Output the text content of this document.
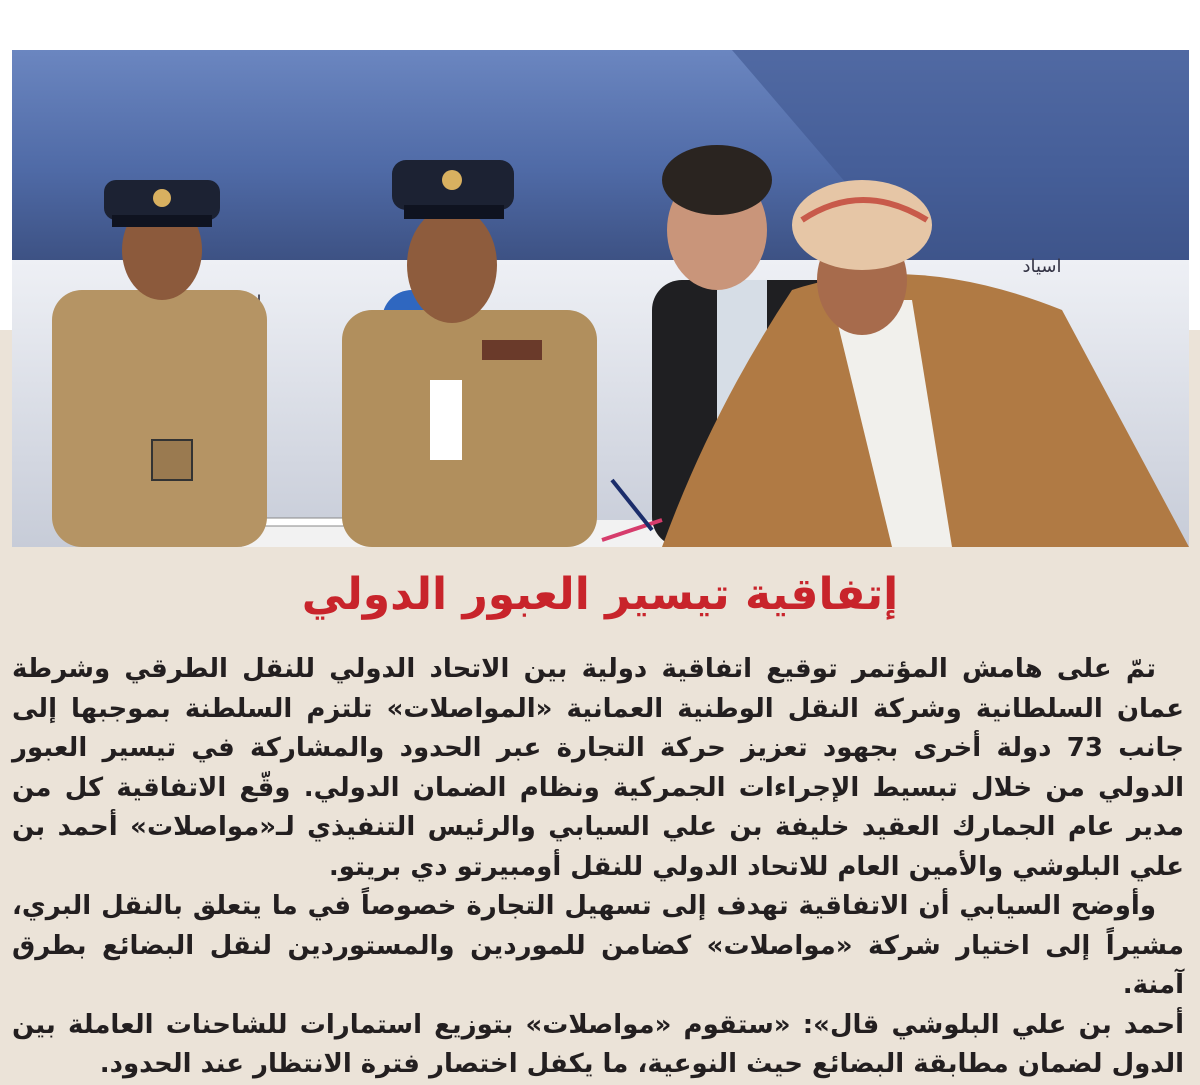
اسياد
إتفاقية تيسير العبور الدولي

تمّ على هامش المؤتمر توقيع اتفاقية دولية بين الاتحاد الدولي للنقل الطرقي وشرطة عمان السلطانية وشركة النقل الوطنية العمانية «المواصلات» تلتزم السلطنة بموجبها إلى جانب 73 دولة أخرى بجهود تعزيز حركة التجارة عبر الحدود والمشاركة في تيسير العبور الدولي من خلال تبسيط الإجراءات الجمركية ونظام الضمان الدولي. وقّع الاتفاقية كل من مدير عام الجمارك العقيد خليفة بن علي السيابي والرئيس التنفيذي لـ«مواصلات» أحمد بن علي البلوشي والأمين العام للاتحاد الدولي للنقل أومبيرتو دي بريتو.

وأوضح السيابي أن الاتفاقية تهدف إلى تسهيل التجارة خصوصاً في ما يتعلق بالنقل البري، مشيراً إلى اختيار شركة «مواصلات» كضامن للموردين والمستوردين لنقل البضائع بطرق آمنة.

أحمد بن علي البلوشي قال»: «ستقوم «مواصلات» بتوزيع استمارات للشاحنات العاملة بين الدول لضمان مطابقة البضائع حيث النوعية، ما يكفل اختصار فترة الانتظار عند الحدود.
